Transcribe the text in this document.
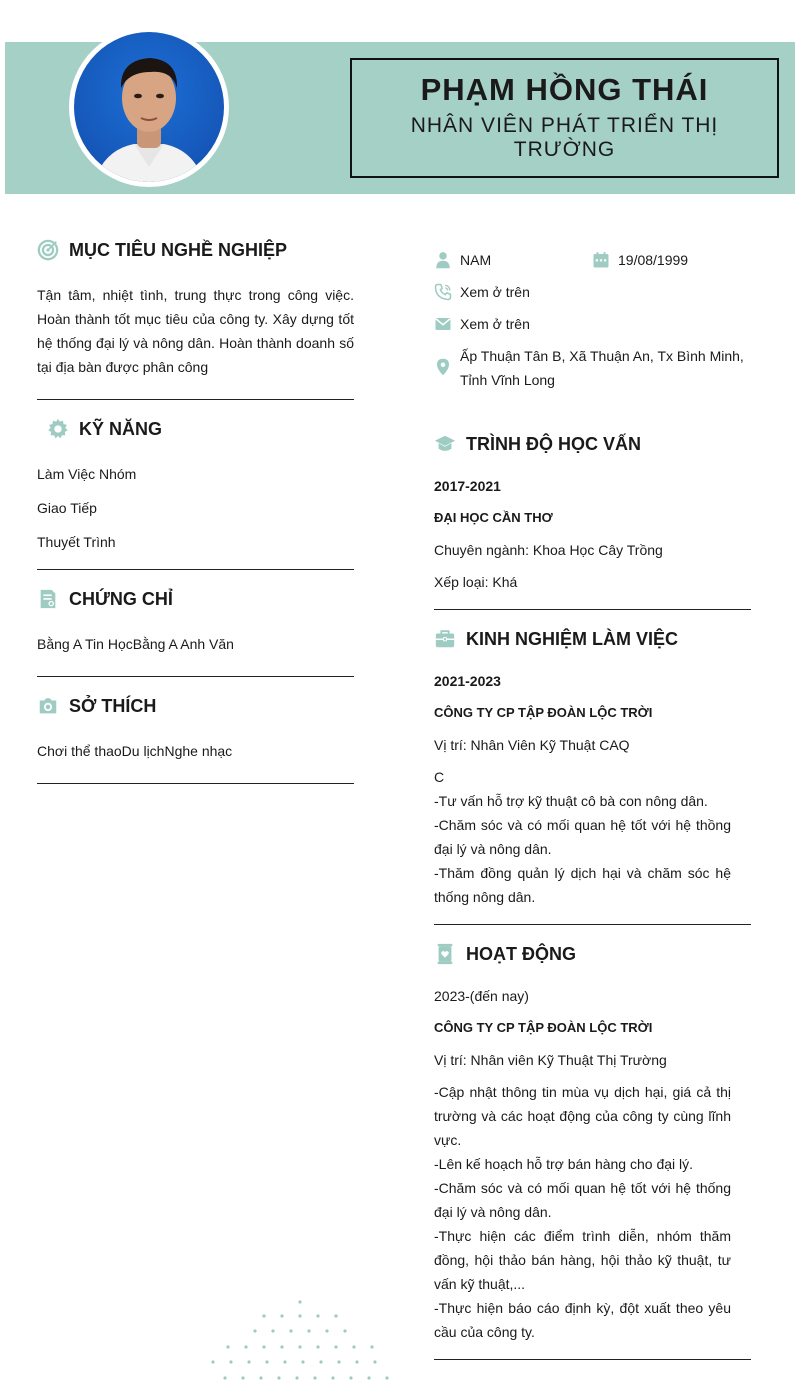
PHẠM HỒNG THÁI
NHÂN VIÊN PHÁT TRIỂN THỊ TRƯỜNG
MỤC TIÊU NGHỀ NGHIỆP
Tận tâm, nhiệt tình, trung thực trong công việc. Hoàn thành tốt mục tiêu của công ty. Xây dựng tốt hệ thống đại lý và nông dân. Hoàn thành doanh số tại địa bàn được phân công
KỸ NĂNG
Làm Việc Nhóm
Giao Tiếp
Thuyết Trình
CHỨNG CHỈ
Bằng A Tin HọcBằng A Anh Văn
SỞ THÍCH
Chơi thể thaoDu lịchNghe nhạc
NAM	19/08/1999
Xem ở trên
Xem ở trên
Ấp Thuận Tân B, Xã Thuận An, Tx Bình Minh, Tỉnh Vĩnh Long
TRÌNH ĐỘ HỌC VẤN
2017-2021
ĐẠI HỌC CẦN THƠ
Chuyên ngành: Khoa Học Cây Trồng
Xếp loại: Khá
KINH NGHIỆM LÀM VIỆC
2021-2023
CÔNG TY CP TẬP ĐOÀN LỘC TRỜI
Vị trí: Nhân Viên Kỹ Thuật CAQ
C
-Tư vấn hỗ trợ kỹ thuật cô bà con nông dân.
-Chăm sóc và có mối quan hệ tốt với hệ thồng đại lý và nông dân.
-Thăm đồng quản lý dịch hại và chăm sóc hệ thống nông dân.
HOẠT ĐỘNG
2023-(đến nay)
CÔNG TY CP TẬP ĐOÀN LỘC TRỜI
Vị trí: Nhân viên Kỹ Thuật Thị Trường
-Cập nhật thông tin mùa vụ dịch hại, giá cả thị trường và các hoạt động của công ty cùng lĩnh vực.
-Lên kế hoạch hỗ trợ bán hàng cho đại lý.
-Chăm sóc và có mối quan hệ tốt với hệ thống đại lý và nông dân.
-Thực hiện các điểm trình diễn, nhóm thăm đồng, hội thảo bán hàng, hội thảo kỹ thuật, tư vấn kỹ thuật,...
-Thực hiện báo cáo định kỳ, đột xuất theo yêu cầu của công ty.
